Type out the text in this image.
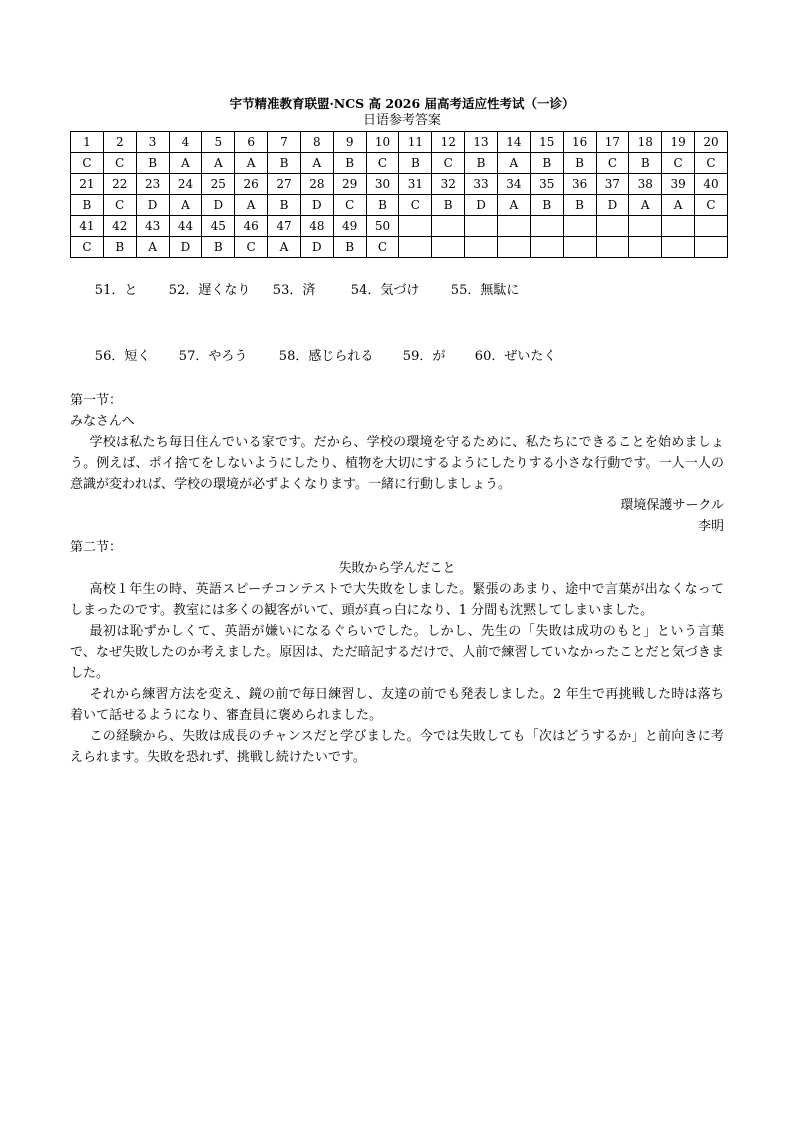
宇节精准教育联盟·NCS 高 2026 届高考适应性考试（一诊）
日语参考答案
1	2	3	4	5	6	7	8	9	10	11	12	13	14	15	16	17	18	19	20
C	C	B	A	A	A	B	A	B	C	B	C	B	A	B	B	C	B	C	C
21	22	23	24	25	26	27	28	29	30	31	32	33	34	35	36	37	38	39	40
B	C	D	A	D	A	B	D	C	B	C	B	D	A	B	B	D	A	A	C
41	42	43	44	45	46	47	48	49	50										
C	B	A	D	B	C	A	D	B	C										

51．と 52．遅くなり 53．済	54．気づけ 55．無駄に

56．短く 57．やろう 58．感じられる 59．が 60．ぜいたく

第一节：
みなさんへ
学校は私たち毎日住んでいる家です。だから、学校の環境を守るために、私たちにできることを始めましょう。例えば、ポイ捨てをしないようにしたり、植物を大切にするようにしたりする小さな行動です。一人一人の意識が変われば、学校の環境が必ずよくなります。一緒に行動しましょう。
環境保護サークル
李明
第二节：
失敗から学んだこと
高校１年生の時、英語スピーチコンテストで大失敗をしました。緊張のあまり、途中で言葉が出なくなってしまったのです。教室には多くの観客がいて、頭が真っ白になり、1 分間も沈黙してしまいました。
最初は恥ずかしくて、英語が嫌いになるぐらいでした。しかし、先生の「失敗は成功のもと」という言葉で、なぜ失敗したのか考えました。原因は、ただ暗記するだけで、人前で練習していなかったことだと気づきました。
それから練習方法を変え、鏡の前で毎日練習し、友達の前でも発表しました。2 年生で再挑戦した時は落ち着いて話せるようになり、審査員に褒められました。
この経験から、失敗は成長のチャンスだと学びました。今では失敗しても「次はどうするか」と前向きに考えられます。失敗を恐れず、挑戦し続けたいです。
